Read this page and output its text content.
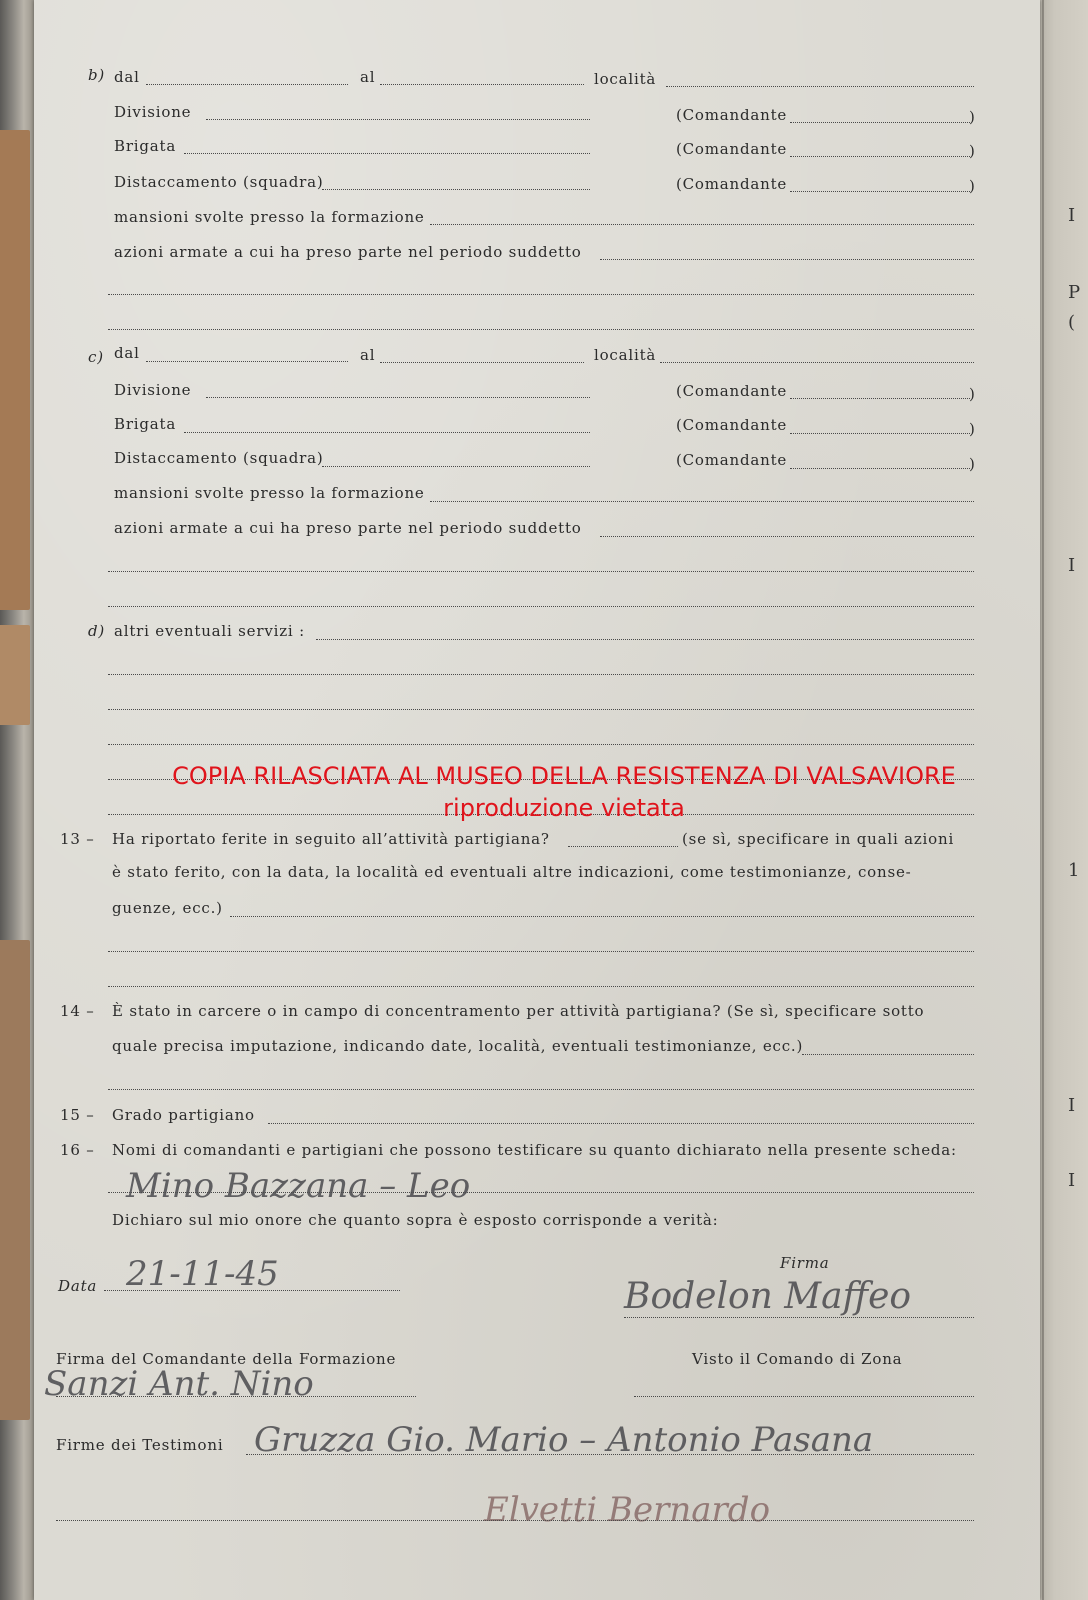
I
P
(
I
1
I
I
b) dal	al	località
Divisione	(Comandante	)
Brigata	(Comandante	)
Distaccamento (squadra)	(Comandante	)
mansioni svolte presso la formazione
azioni armate a cui ha preso parte nel periodo suddetto
c) dal	al	località
Divisione	(Comandante	)
Brigata	(Comandante	)
Distaccamento (squadra)	(Comandante	)
mansioni svolte presso la formazione
azioni armate a cui ha preso parte nel periodo suddetto
d) altri eventuali servizi :
COPIA RILASCIATA AL MUSEO DELLA RESISTENZA DI VALSAVIORE
riproduzione vietata
13 – Ha riportato ferite in seguito all’attività partigiana?	(se sì, specificare in quali azioni
è stato ferito, con la data, la località ed eventuali altre indicazioni, come testimonianze, conse-
guenze, ecc.)
14 – È stato in carcere o in campo di concentramento per attività partigiana? (Se sì, specificare sotto
quale precisa imputazione, indicando date, località, eventuali testimonianze, ecc.)
15 – Grado partigiano
16 – Nomi di comandanti e partigiani che possono testificare su quanto dichiarato nella presente scheda:
Mino Bazzana – Leo
Dichiaro sul mio onore che quanto sopra è esposto corrisponde a verità:
Data 21-11-45	Firma
Bodelon Maffeo
Firma del Comandante della Formazione
Sanzi Ant. Nino
Visto il Comando di Zona
Firme dei Testimoni Gruzza Gio. Mario – Antonio Pasana
Elvetti Bernardo
